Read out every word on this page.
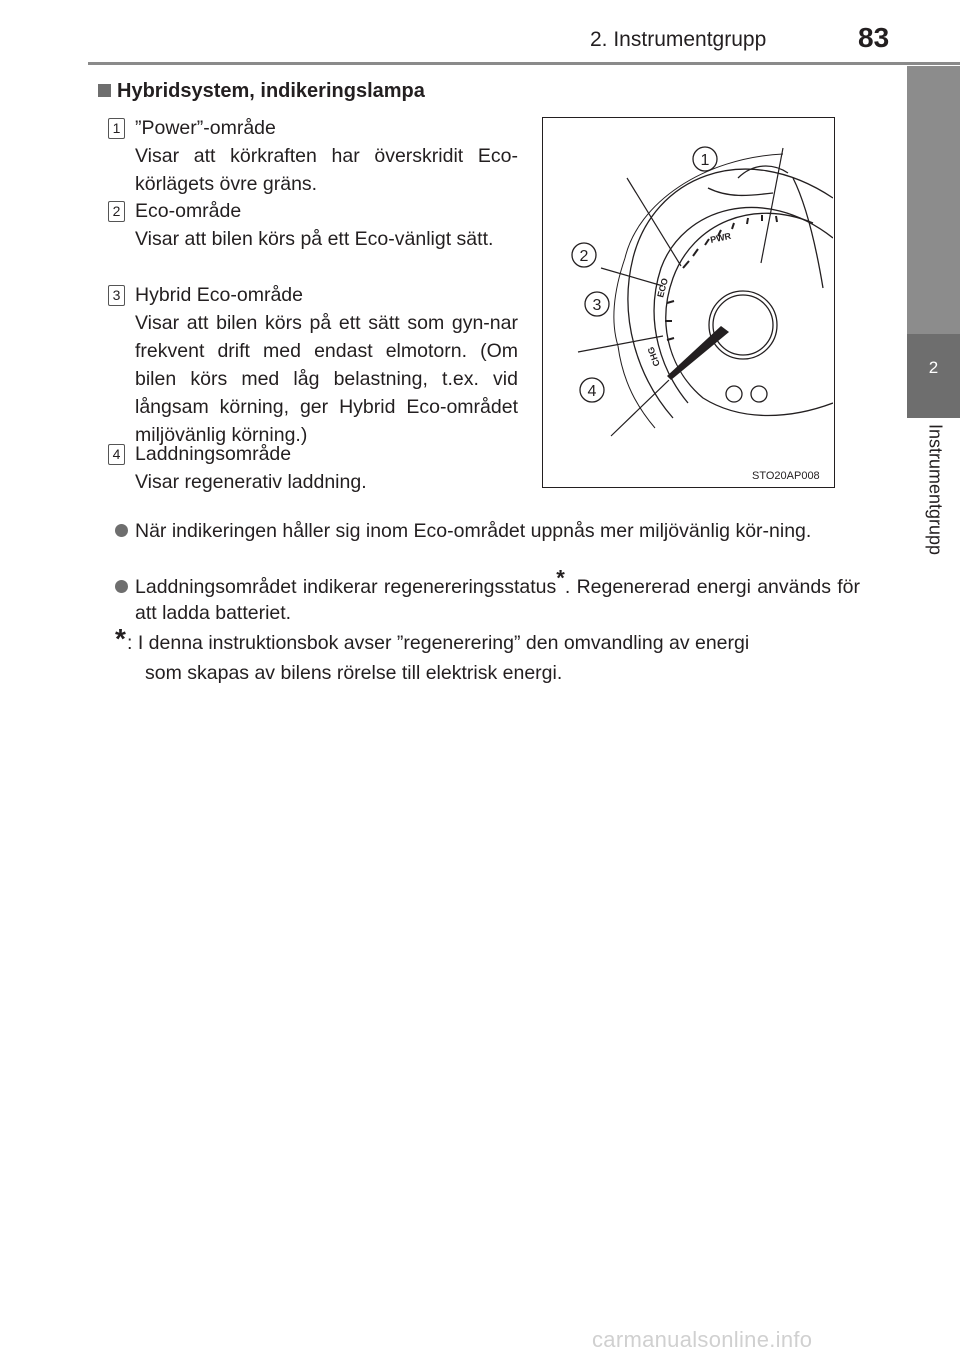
2. Instrumentgrupp	83
2
Instrumentgrupp
Hybridsystem, indikeringslampa
1 ”Power”-område
Visar att körkraften har överskridit Eco-körlägets övre gräns.
2 Eco-område
Visar att bilen körs på ett Eco-vänligt sätt.
3 Hybrid Eco-område
Visar att bilen körs på ett sätt som gyn-nar frekvent drift med endast elmotorn. (Om bilen körs med låg belastning, t.ex. vid långsam körning, ger Hybrid Eco-området miljövänlig körning.)
4 Laddningsområde
Visar regenerativ laddning.
PWR
ECO
CHG
1
2
3
4
STO20AP008
När indikeringen håller sig inom Eco-området uppnås mer miljövänlig kör-ning.
Laddningsområdet indikerar regenereringsstatus*. Regenererad energi används för att ladda batteriet.
* : I denna instruktionsbok avser ”regenerering” den omvandling av energi
som skapas av bilens rörelse till elektrisk energi.
carmanualsonline.info
